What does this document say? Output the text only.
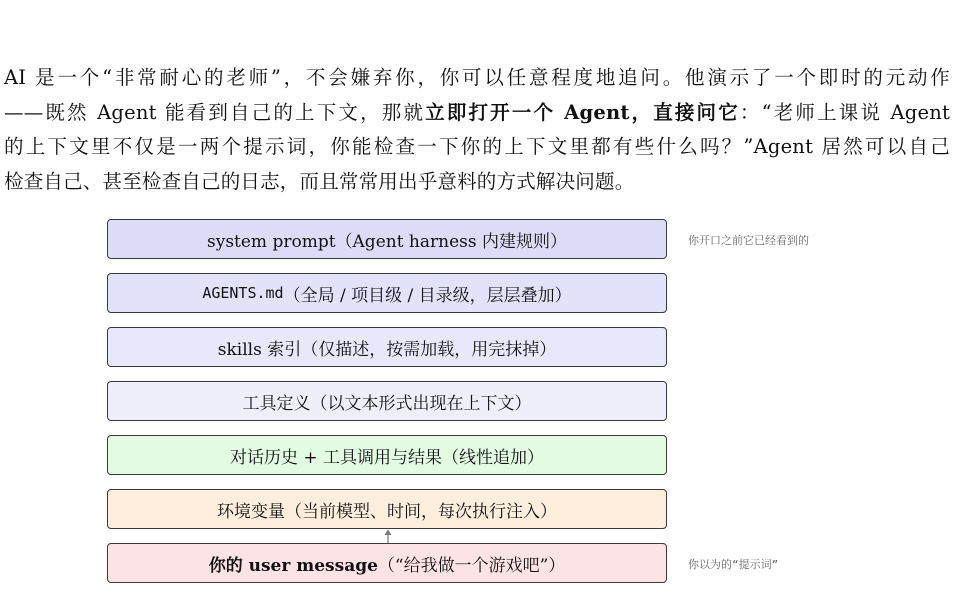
AI 是一个“非常耐心的老师”，不会嫌弃你，你可以任意程度地追问。他演示了一个即时的元动作
——既然 Agent 能看到自己的上下文，那就立即打开一个 Agent，直接问它：“老师上课说 Agent
的上下文里不仅是一两个提示词，你能检查一下你的上下文里都有些什么吗？”Agent 居然可以自己
检查自己、甚至检查自己的日志，而且常常用出乎意料的方式解决问题。
system prompt（Agent harness 内建规则）
AGENTS.md （全局 / 项目级 / 目录级，层层叠加）
skills 索引（仅描述，按需加载，用完抹掉）
工具定义（以文本形式出现在上下文）
对话历史 + 工具调用与结果（线性追加）
环境变量（当前模型、时间，每次执行注入）
你的 user message （“给我做一个游戏吧”）
你开口之前它已经看到的
你以为的“提示词”
